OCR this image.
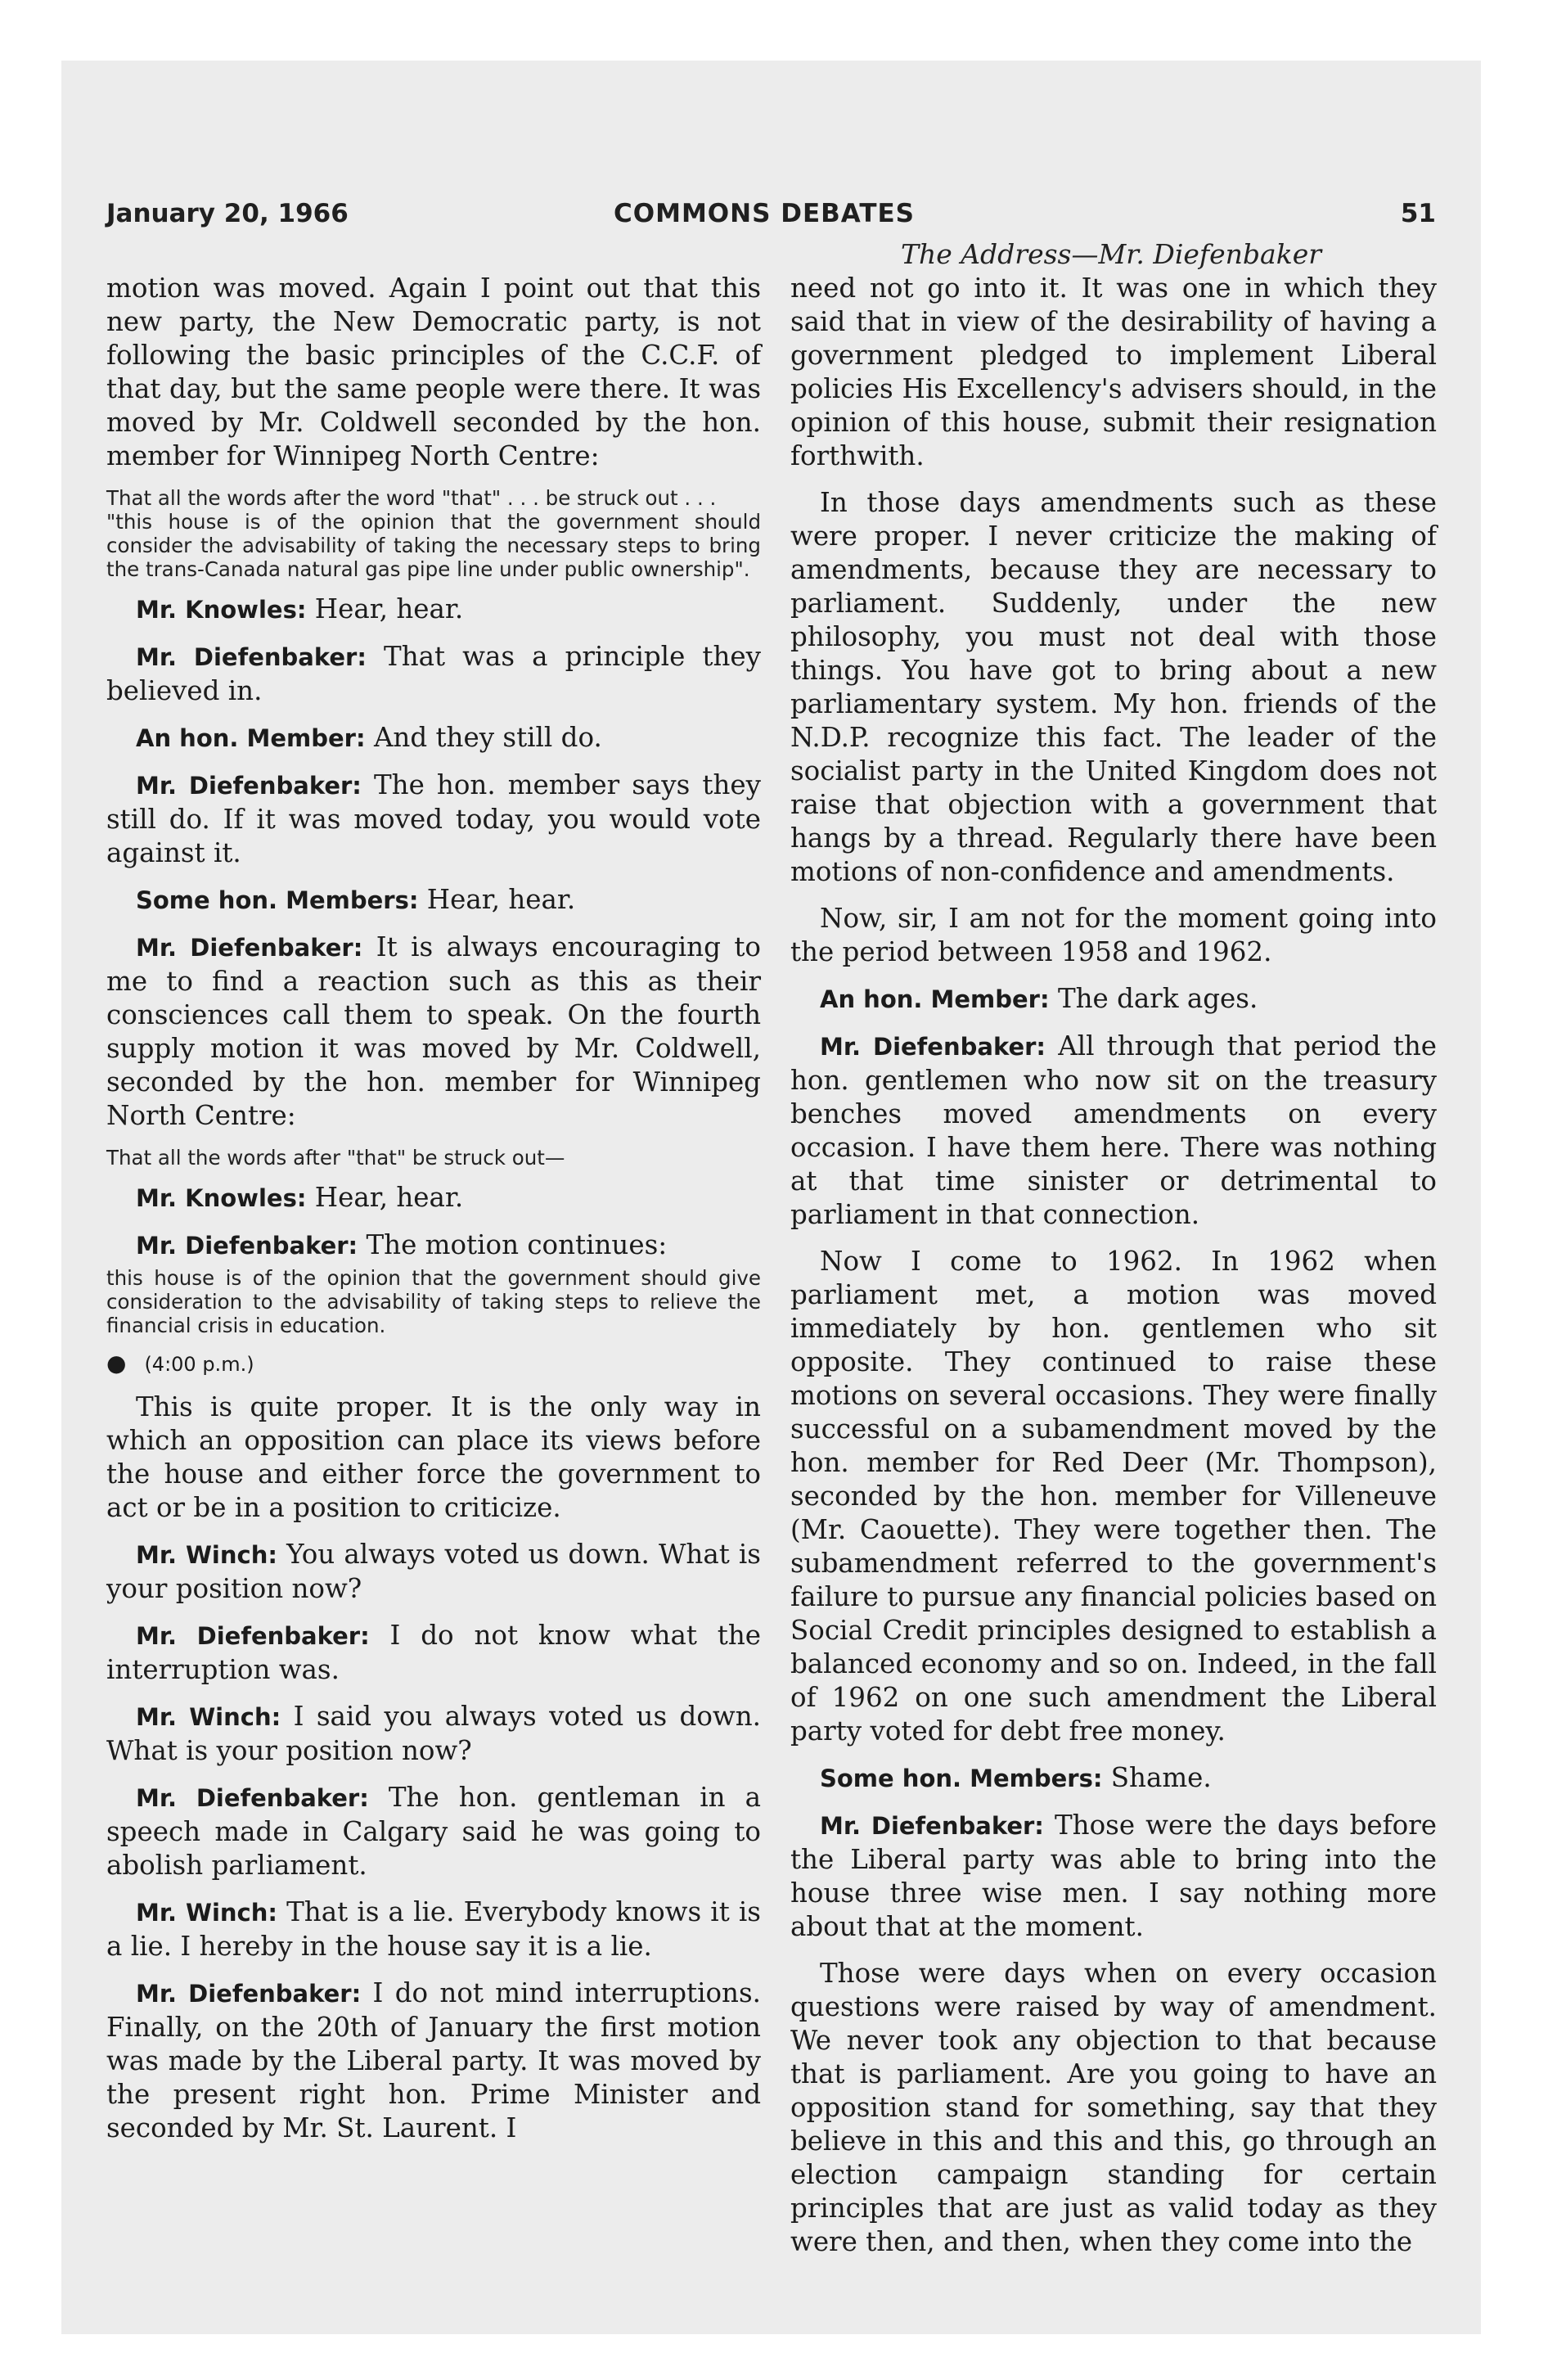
January 20, 1966	COMMONS DEBATES	51
The Address—Mr. Diefenbaker

motion was moved. Again I point out that this new party, the New Democratic party, is not following the basic principles of the C.C.F. of that day, but the same people were there. It was moved by Mr. Coldwell seconded by the hon. member for Winnipeg North Centre:

That all the words after the word "that" . . . be struck out . . .

"this house is of the opinion that the government should consider the advisability of taking the necessary steps to bring the trans-Canada natural gas pipe line under public ownership".

Mr. Knowles: Hear, hear.

Mr. Diefenbaker: That was a principle they believed in.

An hon. Member: And they still do.

Mr. Diefenbaker: The hon. member says they still do. If it was moved today, you would vote against it.

Some hon. Members: Hear, hear.

Mr. Diefenbaker: It is always encouraging to me to find a reaction such as this as their consciences call them to speak. On the fourth supply motion it was moved by Mr. Coldwell, seconded by the hon. member for Winnipeg North Centre:

That all the words after "that" be struck out—

Mr. Knowles: Hear, hear.

Mr. Diefenbaker: The motion continues:

this house is of the opinion that the government should give consideration to the advisability of taking steps to relieve the financial crisis in education.

● (4:00 p.m.)

This is quite proper. It is the only way in which an opposition can place its views before the house and either force the government to act or be in a position to criticize.

Mr. Winch: You always voted us down. What is your position now?

Mr. Diefenbaker: I do not know what the interruption was.

Mr. Winch: I said you always voted us down. What is your position now?

Mr. Diefenbaker: The hon. gentleman in a speech made in Calgary said he was going to abolish parliament.

Mr. Winch: That is a lie. Everybody knows it is a lie. I hereby in the house say it is a lie.

Mr. Diefenbaker: I do not mind interruptions. Finally, on the 20th of January the first motion was made by the Liberal party. It was moved by the present right hon. Prime Minister and seconded by Mr. St. Laurent. I

need not go into it. It was one in which they said that in view of the desirability of having a government pledged to implement Liberal policies His Excellency's advisers should, in the opinion of this house, submit their resignation forthwith.

In those days amendments such as these were proper. I never criticize the making of amendments, because they are necessary to parliament. Suddenly, under the new philosophy, you must not deal with those things. You have got to bring about a new parliamentary system. My hon. friends of the N.D.P. recognize this fact. The leader of the socialist party in the United Kingdom does not raise that objection with a government that hangs by a thread. Regularly there have been motions of non-confidence and amendments.

Now, sir, I am not for the moment going into the period between 1958 and 1962.

An hon. Member: The dark ages.

Mr. Diefenbaker: All through that period the hon. gentlemen who now sit on the treasury benches moved amendments on every occasion. I have them here. There was nothing at that time sinister or detrimental to parliament in that connection.

Now I come to 1962. In 1962 when parliament met, a motion was moved immediately by hon. gentlemen who sit opposite. They continued to raise these motions on several occasions. They were finally successful on a subamendment moved by the hon. member for Red Deer (Mr. Thompson), seconded by the hon. member for Villeneuve (Mr. Caouette). They were together then. The subamendment referred to the government's failure to pursue any financial policies based on Social Credit principles designed to establish a balanced economy and so on. Indeed, in the fall of 1962 on one such amendment the Liberal party voted for debt free money.

Some hon. Members: Shame.

Mr. Diefenbaker: Those were the days before the Liberal party was able to bring into the house three wise men. I say nothing more about that at the moment.

Those were days when on every occasion questions were raised by way of amendment. We never took any objection to that because that is parliament. Are you going to have an opposition stand for something, say that they believe in this and this and this, go through an election campaign standing for certain principles that are just as valid today as they were then, and then, when they come into the
